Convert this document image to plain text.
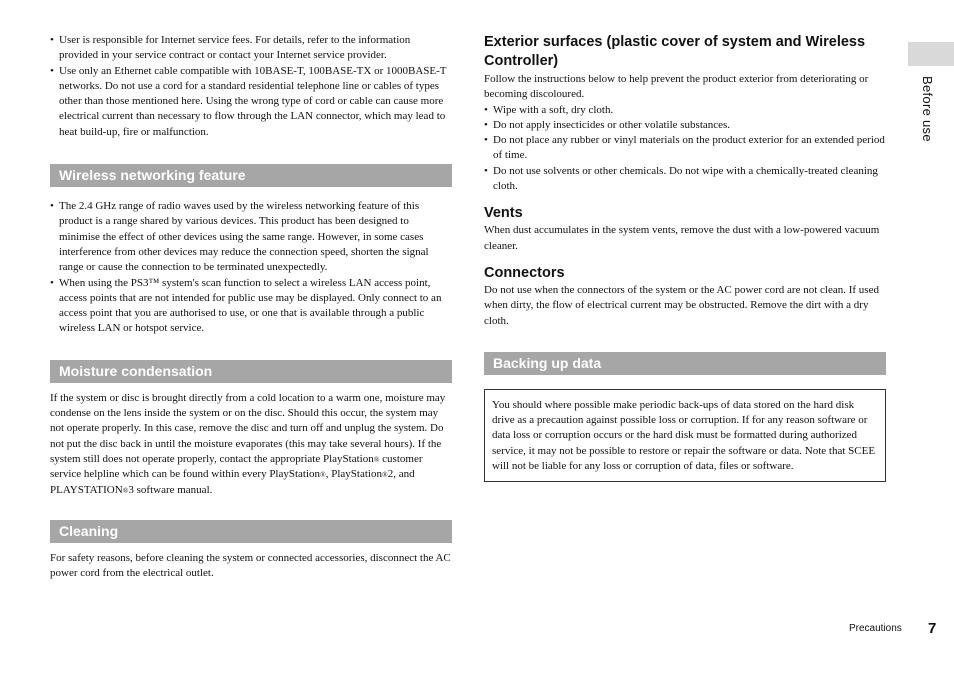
• User is responsible for Internet service fees. For details, refer to the information provided in your service contract or contact your Internet service provider.
• Use only an Ethernet cable compatible with 10BASE-T, 100BASE-TX or 1000BASE-T networks. Do not use a cord for a standard residential telephone line or cables of types other than those mentioned here. Using the wrong type of cord or cable can cause more electrical current than necessary to flow through the LAN connector, which may lead to heat build-up, fire or malfunction.
Wireless networking feature
• The 2.4 GHz range of radio waves used by the wireless networking feature of this product is a range shared by various devices. This product has been designed to minimise the effect of other devices using the same range. However, in some cases interference from other devices may reduce the connection speed, shorten the signal range or cause the connection to be terminated unexpectedly.
• When using the PS3™ system's scan function to select a wireless LAN access point, access points that are not intended for public use may be displayed. Only connect to an access point that you are authorised to use, or one that is available through a public wireless LAN or hotspot service.
Moisture condensation

If the system or disc is brought directly from a cold location to a warm one, moisture may condense on the lens inside the system or on the disc. Should this occur, the system may not operate properly. In this case, remove the disc and turn off and unplug the system. Do not put the disc back in until the moisture evaporates (this may take several hours). If the system still does not operate properly, contact the appropriate PlayStation® customer service helpline which can be found within every PlayStation®, PlayStation®2, and PLAYSTATION®3 software manual.

Cleaning

For safety reasons, before cleaning the system or connected accessories, disconnect the AC power cord from the electrical outlet.

Exterior surfaces (plastic cover of system and Wireless Controller)

Follow the instructions below to help prevent the product exterior from deteriorating or becoming discoloured.

• Wipe with a soft, dry cloth.
• Do not apply insecticides or other volatile substances.
• Do not place any rubber or vinyl materials on the product exterior for an extended period of time.
• Do not use solvents or other chemicals. Do not wipe with a chemically-treated cleaning cloth.
Vents

When dust accumulates in the system vents, remove the dust with a low-powered vacuum cleaner.

Connectors

Do not use when the connectors of the system or the AC power cord are not clean. If used when dirty, the flow of electrical current may be obstructed. Remove the dirt with a dry cloth.

Backing up data

You should where possible make periodic back-ups of data stored on the hard disk drive as a precaution against possible loss or corruption. If for any reason software or data loss or corruption occurs or the hard disk must be formatted during authorized service, it may not be possible to restore or repair the software or data. Note that SCEE will not be liable for any loss or corruption of data, files or software.

Before use
Precautions 7
